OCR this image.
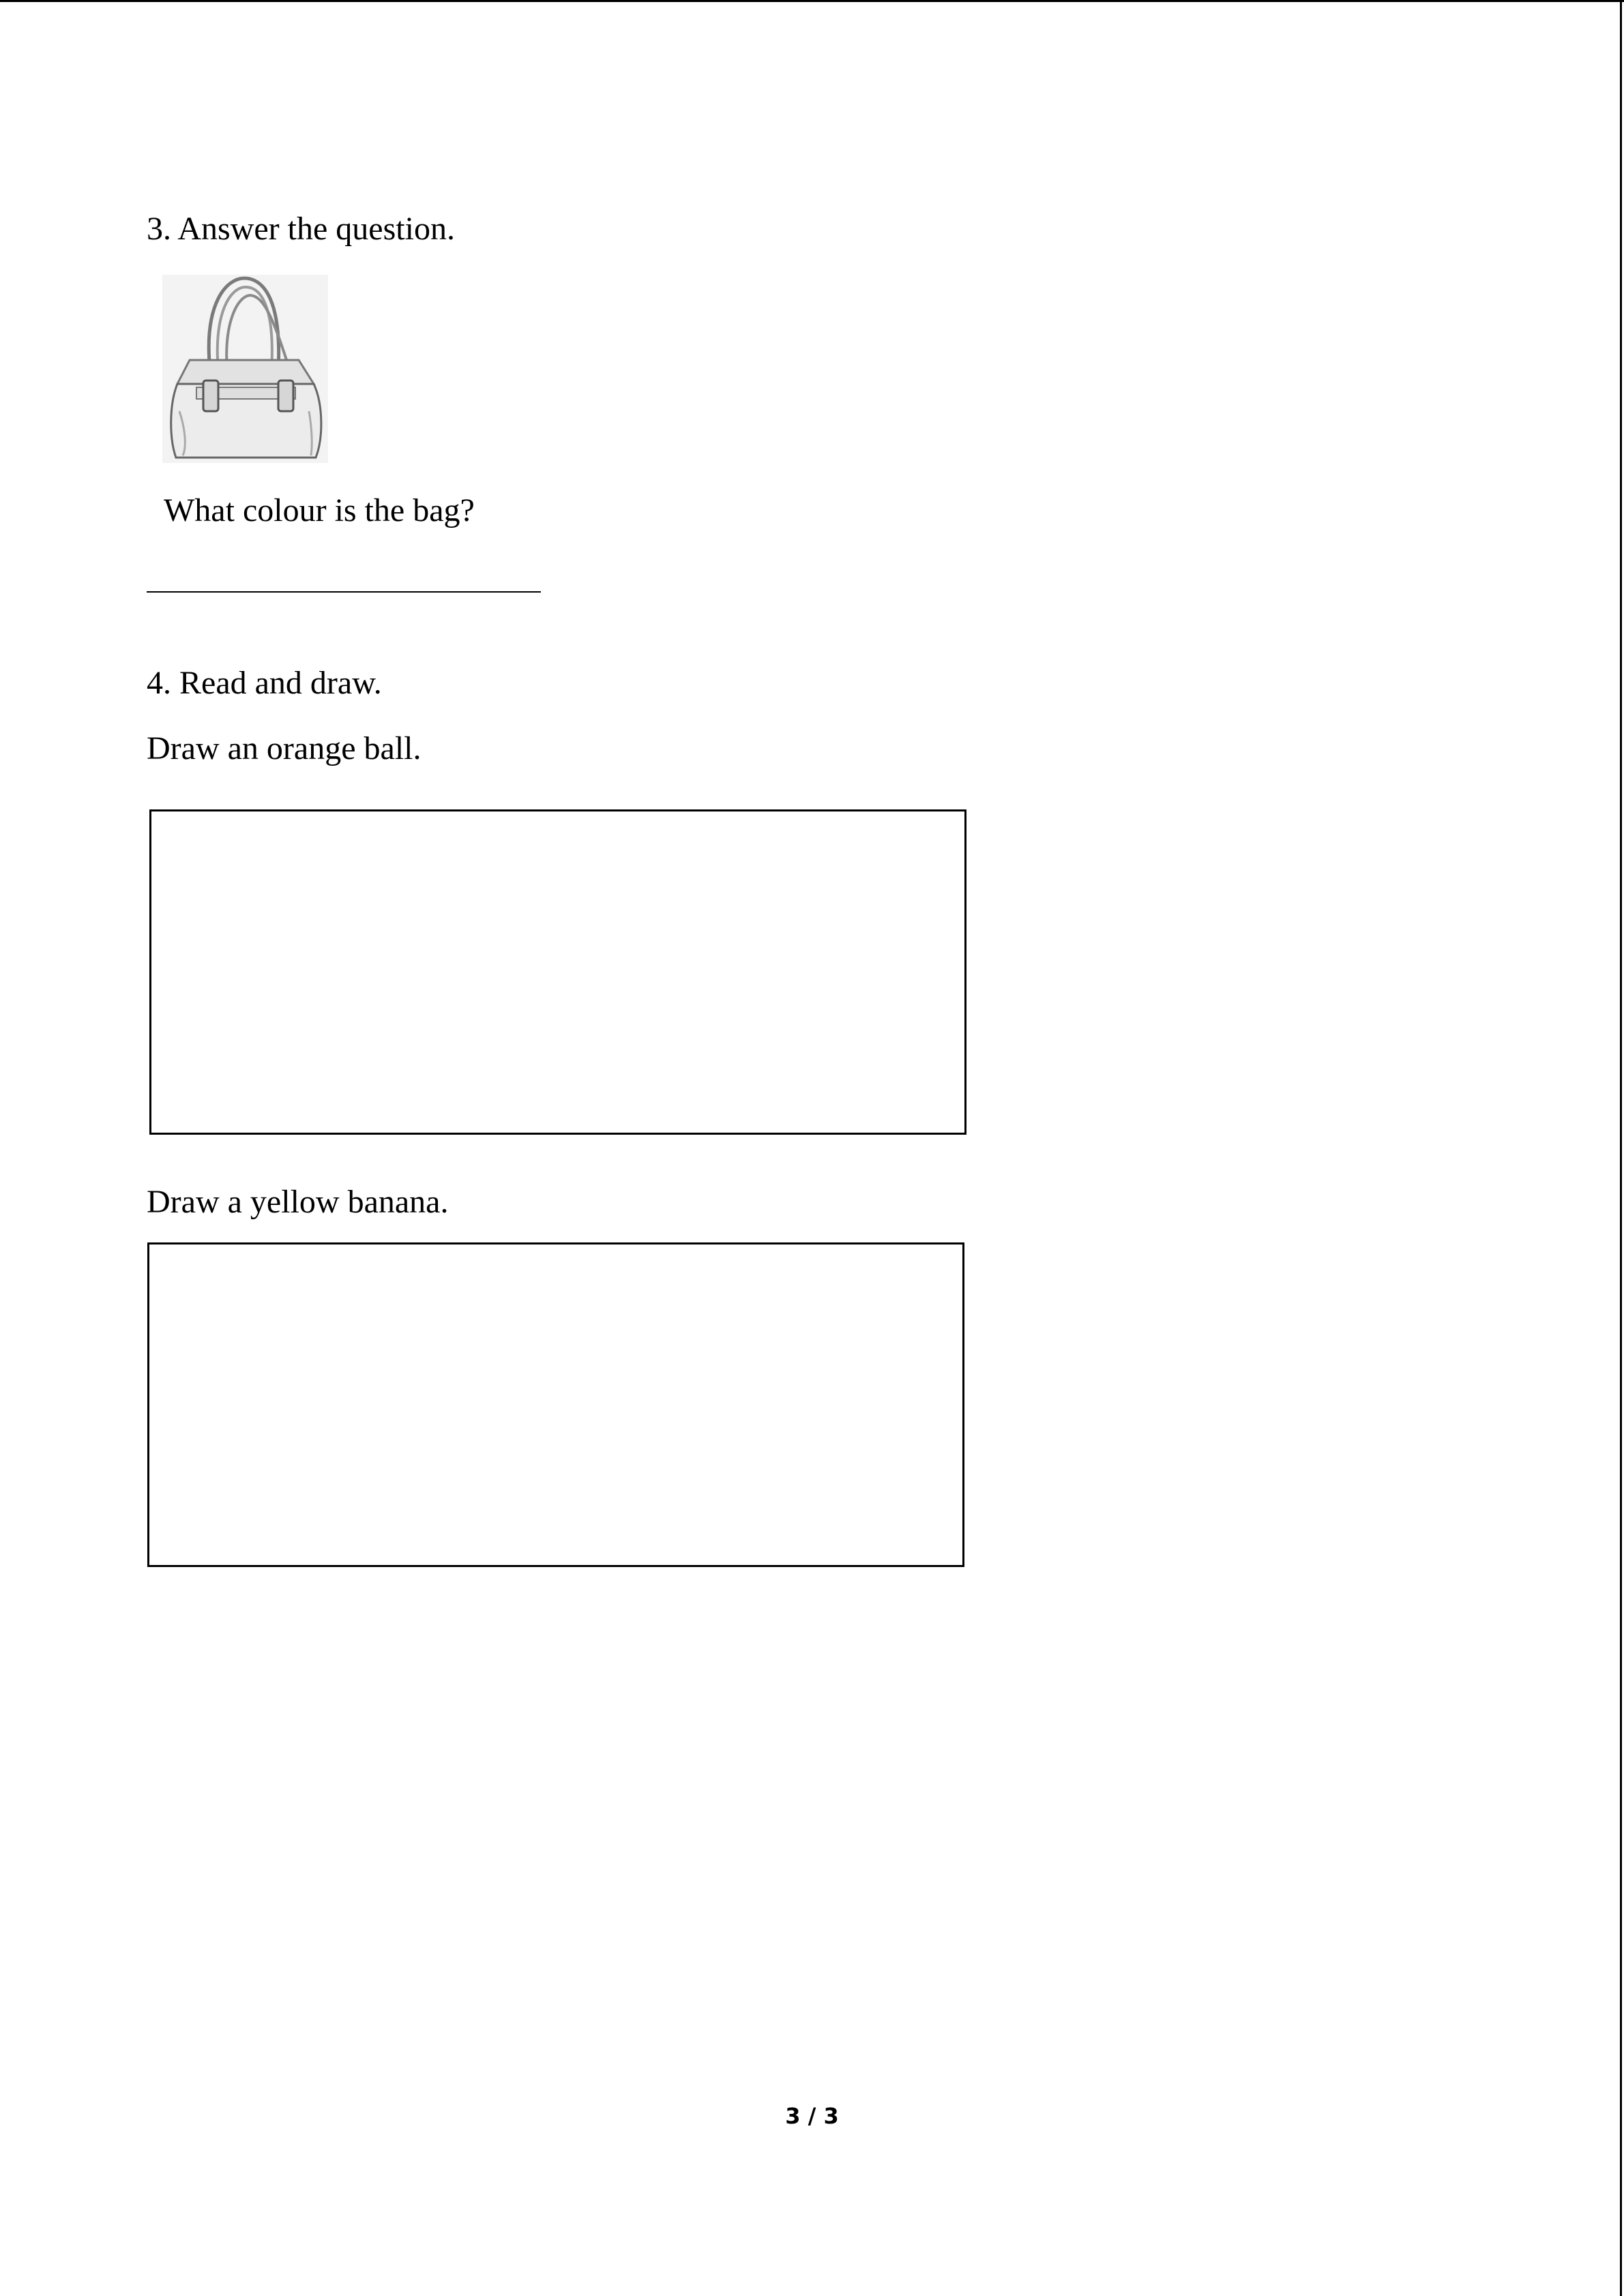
3. Answer the question.
What colour is the bag?
4. Read and draw.
Draw an orange ball.
Draw a yellow banana.
3 / 3
